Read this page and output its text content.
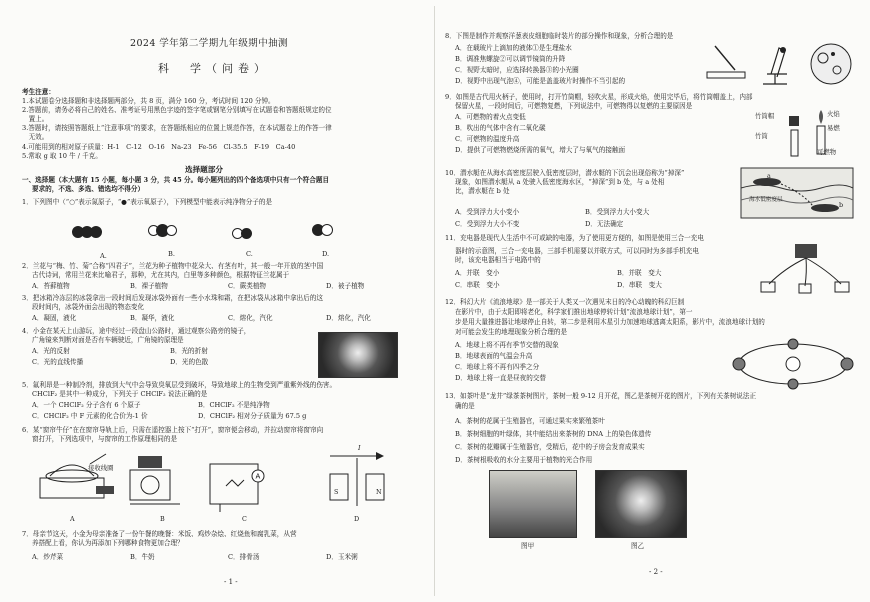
2024 学年第二学期九年级期中抽测
科　学（问卷）
考生注意：
1.本试题卷分选择题和非选择题两部分，共 8 页，满分 160 分，考试时间 120 分钟。
2.答题前，请务必将自己的姓名、准考证号用黑色字迹的签字笔或钢笔分别填写在试题卷和答题纸规定的位
　置上。
3.答题时，请按照答题纸上“注意事项”的要求，在答题纸相应的位置上规范作答，在本试题卷上的作答一律
　无效。
4.可能用到的相对原子质量：H-1　C-12　O-16　Na-23　Fe-56　Cl-35.5　F-19　Ca-40
5.常取 g 取 10 牛 / 千克。
选择题部分
一、选择题（本大题有 15 小题，每小题 3 分，共 45 分。每小题列出的四个备选项中只有一个符合题目
要求的，不选、多选、错选均不得分）
1．下列图中（“○”表示氮原子，“●”表示氧原子），下列模型中能表示纯净物分子的是
A.	B.	C.	D.
2．兰花与“梅、竹、菊”合称“四君子”，兰花为种子植物中花朵大、有茎有叶，其一般一年开放的茎中国
古代诗词，常用兰花来比喻君子，那种，尤在其内，白里等多种颜色，根据特征兰花属于
A．苔藓植物	B．裸子植物	C．蕨类植物	D．被子植物
3．把冰箱冷冻层的冰袋拿出一段时间后发现冰袋外面有一些小水珠和霜，在把冰袋从冰箱中拿出后的这
段时间内，冰袋外面会出现的物态变化
A．凝固，液化	B．凝华，液化	C．熔化，汽化	D．熔化，汽化
4．小金在某天上山游玩，途中经过一段盘山公路时，通过观察公路旁的镜子，
广角镜来判断对面是否有车辆驶近，广角镜的原理是
A．光的反射	B．光的折射
C．光的直线传播	D．光的色散
5．氟利昂是一种制冷剂，排放到大气中会导致臭氧层受到破坏，导致地球上的生物受到严重紫外线的伤害。
CHClF₂ 是其中一种成分，下列关于 CHClF₂ 说法正确的是
A．一个 CHClF₂ 分子含有 6 个原子	B．CHClF₂ 不是纯净物
C．CHClF₂ 中 F 元素的化合价为-1 价	D．CHClF₂ 相对分子质量为 67.5 g
6．某“窗帘牛仔”在在窗帘导轨上后，只需在遥控器上按下“打开”，窗帘便会移动，并拉动窗帘将窗帘向
窗打开，下列选项中，与窗帘的工作原理相同的是
A
接收线圈
A	B	C	D
I
S	N
7．母亲节这天，小金为母亲准备了一份午餐的晚餐：米饭、鸡炒杂烩、红烧鱼和腐乳菜，从营
养搭配上看，你认为再添加下列哪种食物更加合理？
A．炒芹菜	B．牛奶	C．排骨汤	D．玉米粥
- 1 -
8．下图是制作并观察洋葱表皮细胞临时装片的部分操作和现象，分析合理的是
A．在载玻片上滴加的液体①是生理盐水
B．调准焦螺旋②可以调节镜筒的升降
C．视野太暗时，应选择转换器③的小光圈
D．视野中出现气泡④，可能是盖盖玻片时操作不当引起的
9．如图是古代用火柄子，使用时，打开竹筒帽，轻吹火星，形成火焰，使用完毕后，将竹筒帽盖上，内部
保留火星，一段时间后，可燃物复燃，下列说法中，可燃物得以复燃的主要原因是
A．可燃物的着火点变低
B．吹出的气体中含有二氧化碳
C．可燃物的温度升高
D．提供了可燃物燃烧所需的氧气，增大了与氧气的接触面
竹筒帽
竹筒
火焰
易燃
可燃物
10．潜水艇在从海水高密度层驶入低密度层时，潜水艇的下沉会出现俗称为“掉深”
现象，如图潜水艇从 a 处驶入低密度海水区，“掉深”到 b 处，与 a 处相
比，潜水艇在 b 处
A．受到浮力大小变小	B．受到浮力大小变大
C．受到浮力大小不变	D．无法确定
海水低密度层
a
b
11．充电器是现代人生活中不可或缺的电器，为了使用更方便的，如图是使用三合一充电
器时的示意图，三合一充电器，三部手机需要以并联方式，可以同时为多部手机充电
时，该充电器相当于电路中的
A．并联　变小	B．并联　变大
C．串联　变小	D．串联　变大
12．科幻大片《流浪地球》是一部关于人类又一次遇见末日的冷心动魄的科幻巨制
在影片中，由于太阳即将老化，科学家们推出地球停转计划“流浪地球计划”，第一
步是用大量推进器让地球停止自转，第二步是利用木星引力加速地球逃离太阳系，影片中，流浪地球计划的
对可能会发生的地理现象分析合理的是
A．地球上将不再有季节交替的现象
B．地球表面的气温会升高
C．地球上将不再有四季之分
D．地球上将一直是昼夜的交替
13．如茶叶是“龙井”绿茶茶树图片，茶树一般 9-12 月开花，图乙是茶树开花的图片，下列有关茶树说法正
确的是
A．茶树的花属于生殖器官，可通过果实来繁殖茶叶
B．茶树细胞的叶绿体，其中能结出来茶树的 DNA 上的染色体遗传
C．茶树的花瓣属于生殖器官，受精后，花中的子房会发育成果实
D．茶树根吸收的水分主要用于植物的光合作用
图甲	图乙
- 2 -
